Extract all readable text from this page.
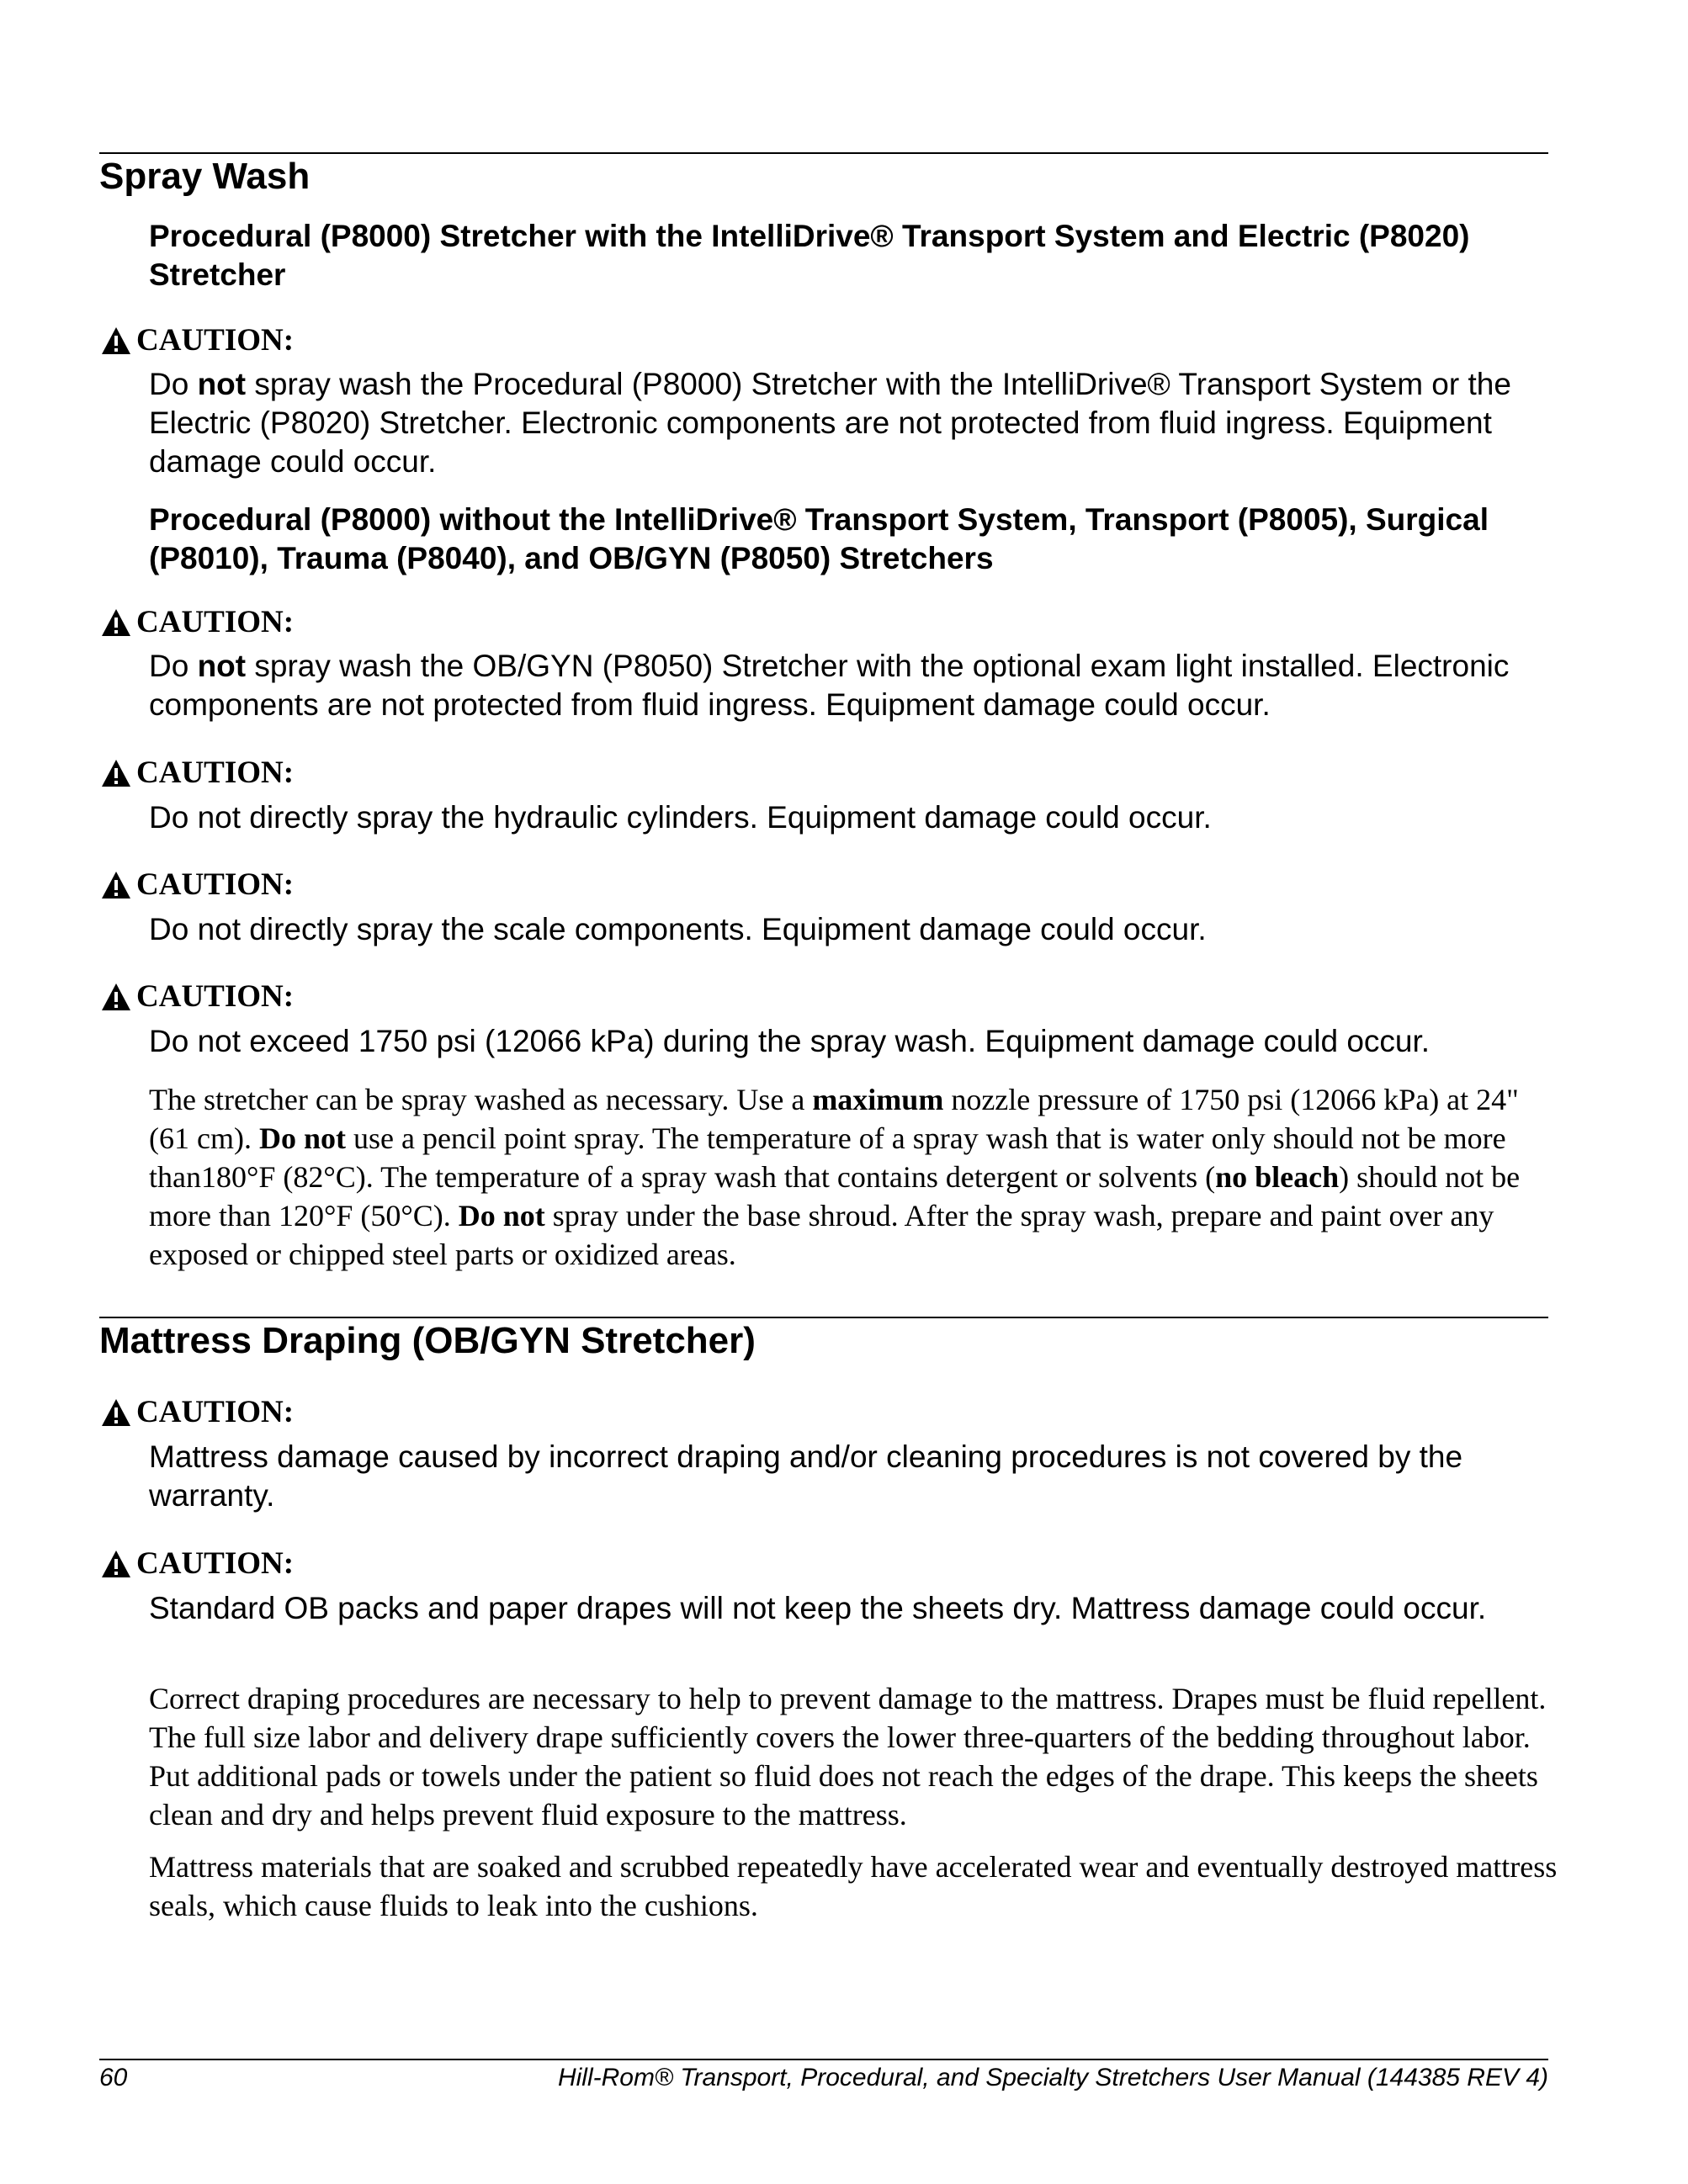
Spray Wash
Procedural (P8000) Stretcher with the IntelliDrive® Transport System and Electric (P8020) Stretcher
CAUTION:

Do not spray wash the Procedural (P8000) Stretcher with the IntelliDrive® Transport System or the Electric (P8020) Stretcher. Electronic components are not protected from fluid ingress. Equipment damage could occur.

Procedural (P8000) without the IntelliDrive® Transport System, Transport (P8005), Surgical (P8010), Trauma (P8040), and OB/GYN (P8050) Stretchers
CAUTION:

Do not spray wash the OB/GYN (P8050) Stretcher with the optional exam light installed. Electronic components are not protected from fluid ingress. Equipment damage could occur.

CAUTION:

Do not directly spray the hydraulic cylinders. Equipment damage could occur.

CAUTION:

Do not directly spray the scale components. Equipment damage could occur.

CAUTION:

Do not exceed 1750 psi (12066 kPa) during the spray wash. Equipment damage could occur.

The stretcher can be spray washed as necessary. Use a maximum nozzle pressure of 1750 psi (12066 kPa) at 24" (61 cm). Do not use a pencil point spray. The temperature of a spray wash that is water only should not be more than180°F (82°C). The temperature of a spray wash that contains detergent or solvents (no bleach) should not be more than 120°F (50°C). Do not spray under the base shroud. After the spray wash, prepare and paint over any exposed or chipped steel parts or oxidized areas.

Mattress Draping (OB/GYN Stretcher)
CAUTION:

Mattress damage caused by incorrect draping and/or cleaning procedures is not covered by the warranty.

CAUTION:

Standard OB packs and paper drapes will not keep the sheets dry. Mattress damage could occur.

Correct draping procedures are necessary to help to prevent damage to the mattress. Drapes must be fluid repellent. The full size labor and delivery drape sufficiently covers the lower three-quarters of the bedding throughout labor. Put additional pads or towels under the patient so fluid does not reach the edges of the drape. This keeps the sheets clean and dry and helps prevent fluid exposure to the mattress.

Mattress materials that are soaked and scrubbed repeatedly have accelerated wear and eventually destroyed mattress seals, which cause fluids to leak into the cushions.

60	Hill-Rom® Transport, Procedural, and Specialty Stretchers User Manual (144385 REV 4)
